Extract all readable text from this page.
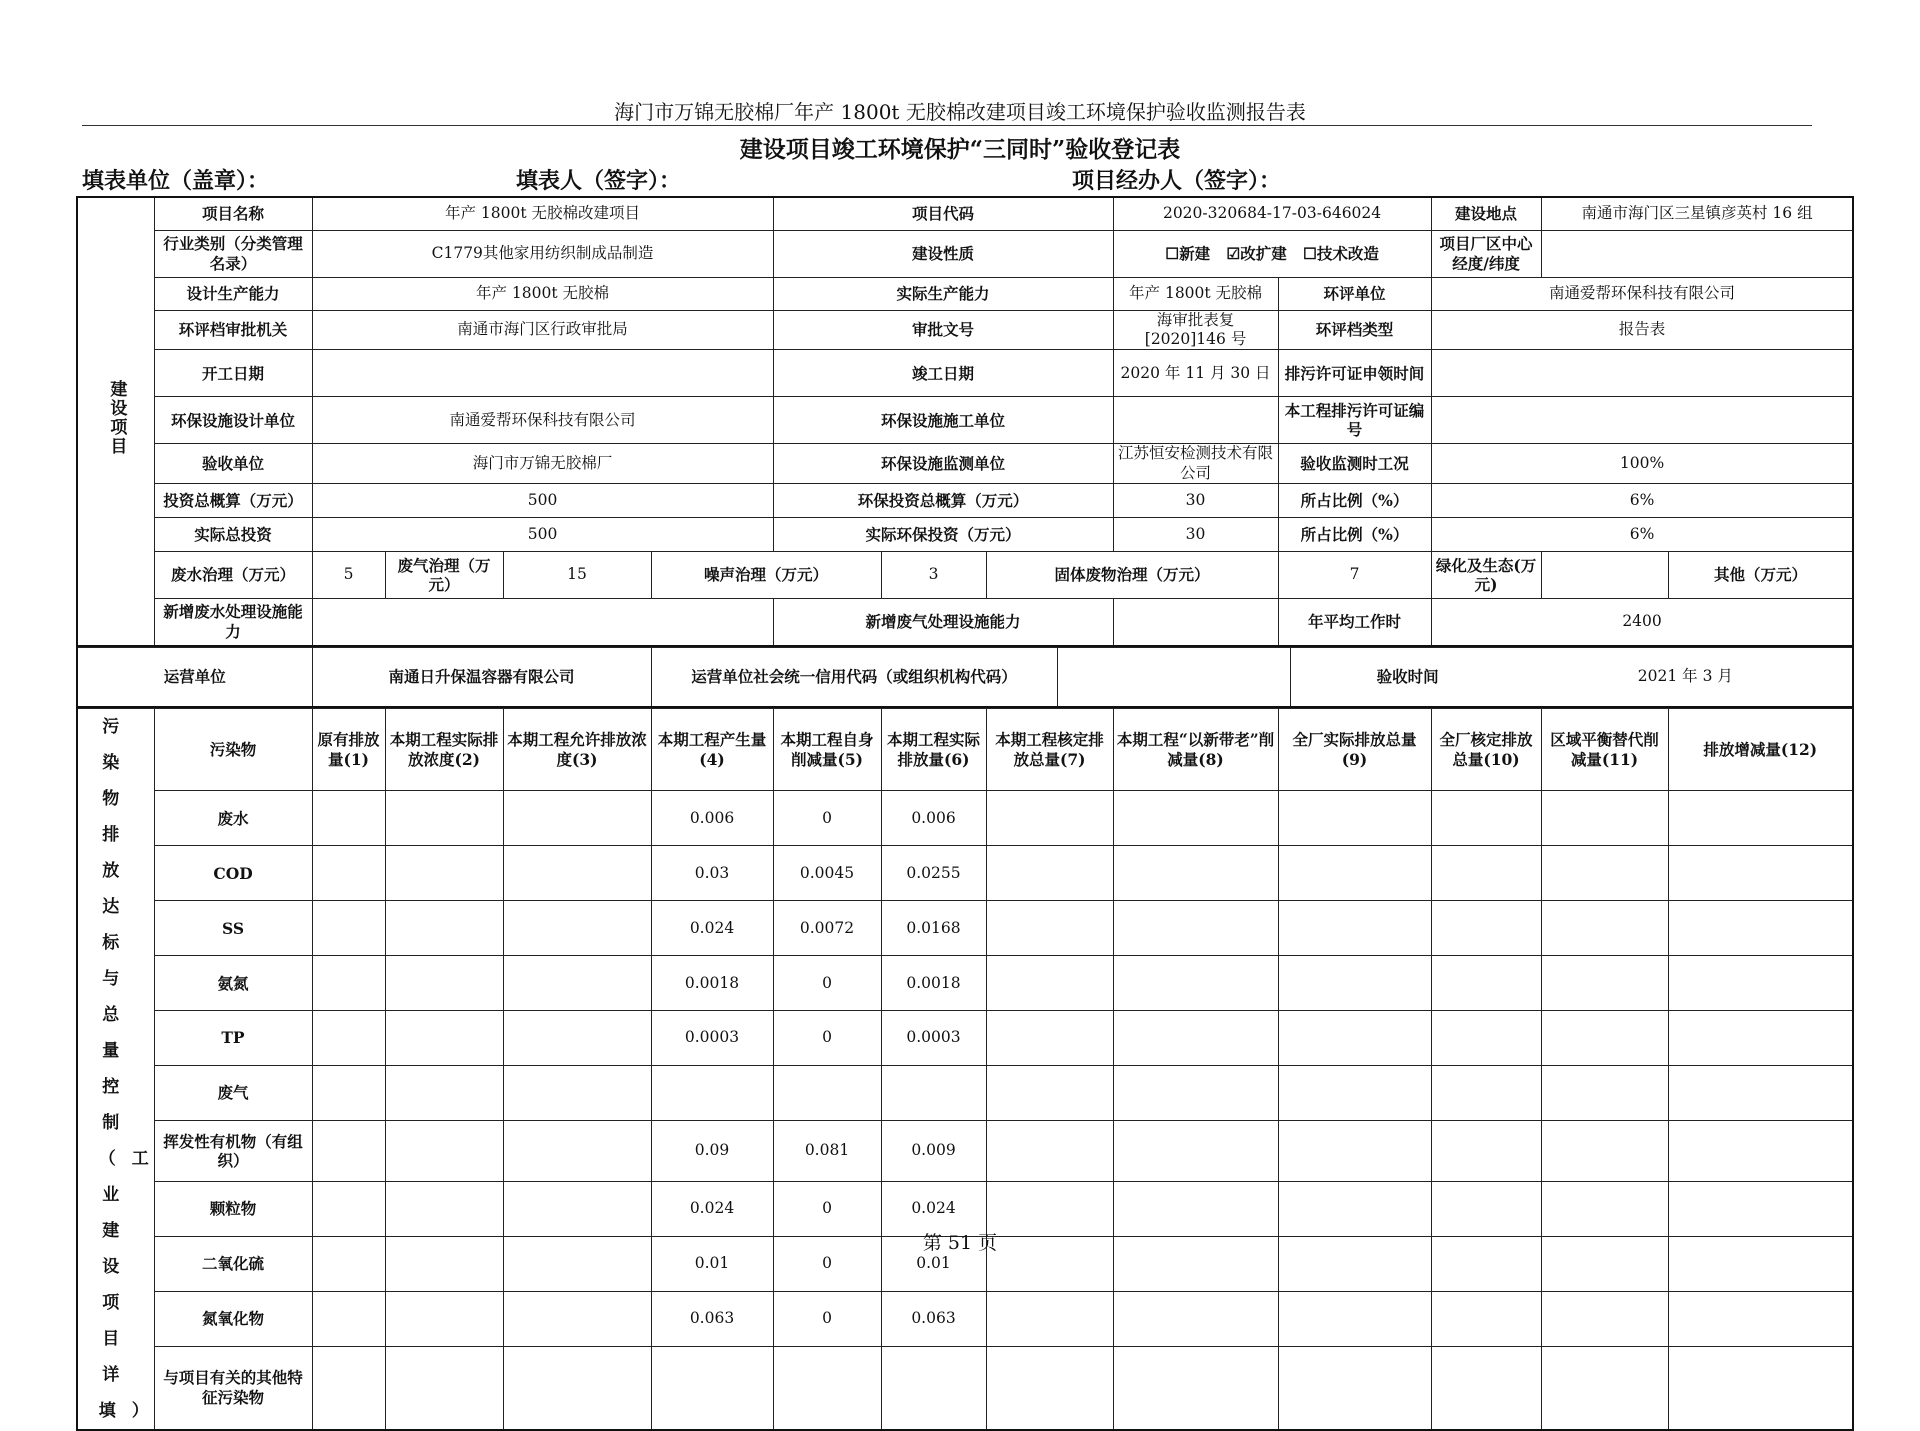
海门市万锦无胶棉厂年产 1800t 无胶棉改建项目竣工环境保护验收监测报告表
建设项目竣工环境保护“三同时”验收登记表
填表单位（盖章）：	填表人（签字）：	项目经办人（签字）：
建设项目	项目名称	年产 1800t 无胶棉改建项目				项目代码			2020-320684-17-03-646024		建设地点	南通市海门区三星镇彦英村 16 组		
	行业类别（分类管理名录）	C1779其他家用纺织制成品制造				建设性质			☐新建 ☑改扩建 ☐技术改造		项目厂区中心经度/纬度			
	设计生产能力	年产 1800t 无胶棉				实际生产能力			年产 1800t 无胶棉	环评单位	南通爱帮环保科技有限公司			
	环评档审批机关	南通市海门区行政审批局				审批文号			海审批表复[2020]146 号	环评档类型	报告表			
	开工日期					竣工日期			2020 年 11 月 30 日	排污许可证申领时间				
	环保设施设计单位	南通爱帮环保科技有限公司				环保设施施工单位				本工程排污许可证编号				
	验收单位	海门市万锦无胶棉厂				环保设施监测单位			江苏恒安检测技术有限公司	验收监测时工况	100%			
	投资总概算（万元）	500				环保投资总概算（万元）			30	所占比例（%）	6%			
	实际总投资	500				实际环保投资（万元）			30	所占比例（%）	6%			
	废水治理（万元）	5	废气治理（万元）	15	噪声治理（万元）		3	固体废物治理（万元）		7	绿化及生态(万元)		其他（万元）	
	新增废水处理设施能力					新增废气处理设施能力				年平均工作时	2400			
运营单位	南通日升保温容器有限公司	运营单位社会统一信用代码（或组织机构代码）			验收时间	2021 年 3 月
污染物排放达标与总量控制（工业建设项目详填）	污染物	原有排放量(1)	本期工程实际排放浓度(2)	本期工程允许排放浓度(3)	本期工程产生量(4)	本期工程自身削减量(5)	本期工程实际排放量(6)	本期工程核定排放总量(7)	本期工程“以新带老”削减量(8)	全厂实际排放总量(9)	全厂核定排放总量(10)	区域平衡替代削减量(11)	排放增减量(12)
	废水				0.006	0	0.006						
	COD				0.03	0.0045	0.0255						
	SS				0.024	0.0072	0.0168						
	氨氮				0.0018	0	0.0018						
	TP				0.0003	0	0.0003						
	废气												
	挥发性有机物（有组织）				0.09	0.081	0.009						
	颗粒物				0.024	0	0.024						
	二氧化硫				0.01	0	0.01						
	氮氧化物				0.063	0	0.063						
	与项目有关的其他特征污染物												
第 51 页
